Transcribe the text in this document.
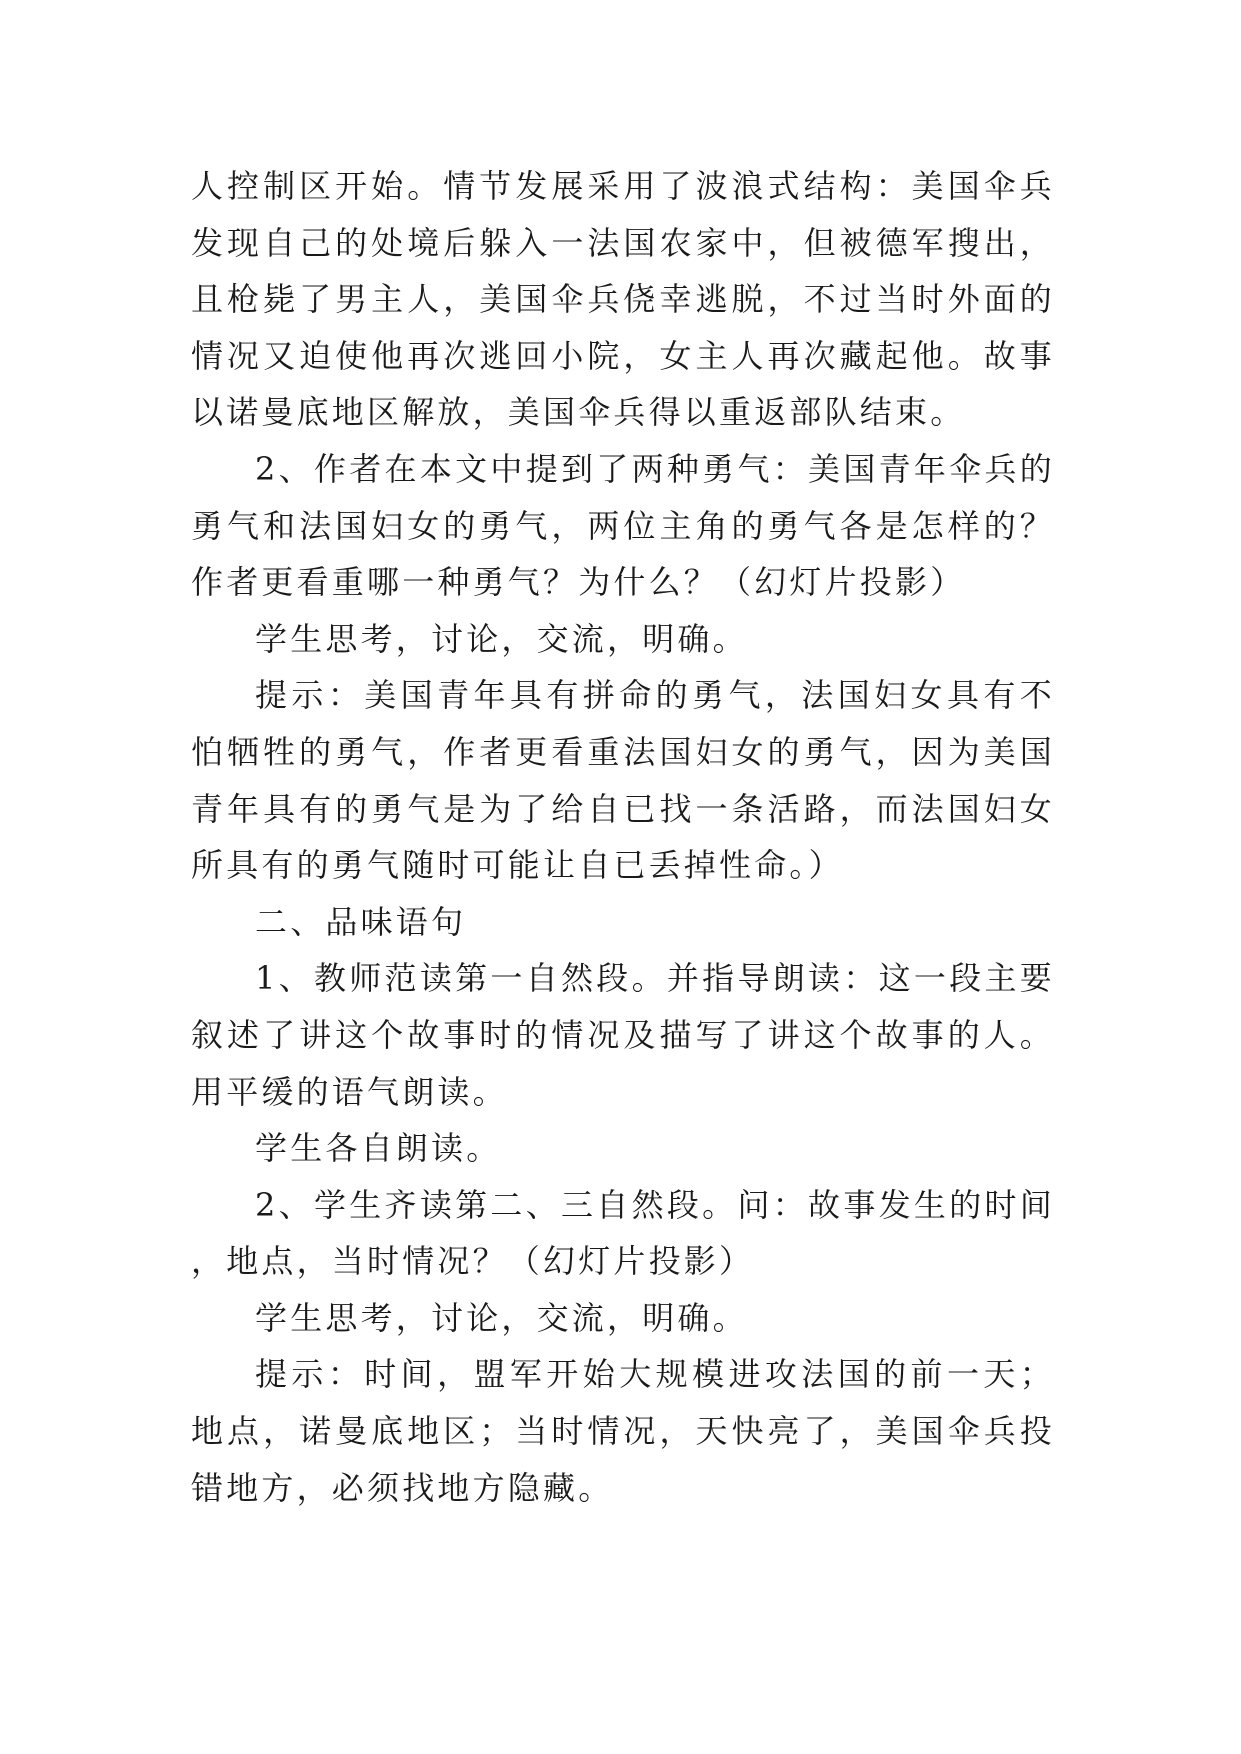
人控制区开始。情节发展采用了波浪式结构：美国伞兵发现自己的处境后躲入一法国农家中，但被德军搜出，且枪毙了男主人，美国伞兵侥幸逃脱，不过当时外面的情况又迫使他再次逃回小院，女主人再次藏起他。故事以诺曼底地区解放，美国伞兵得以重返部队结束。

2、作者在本文中提到了两种勇气：美国青年伞兵的勇气和法国妇女的勇气，两位主角的勇气各是怎样的？作者更看重哪一种勇气？为什么？（幻灯片投影）

学生思考，讨论，交流，明确。

提示：美国青年具有拼命的勇气，法国妇女具有不怕牺牲的勇气，作者更看重法国妇女的勇气，因为美国青年具有的勇气是为了给自已找一条活路，而法国妇女所具有的勇气随时可能让自已丢掉性命。）

二、品味语句

1、教师范读第一自然段。并指导朗读：这一段主要叙述了讲这个故事时的情况及描写了讲这个故事的人。用平缓的语气朗读。

学生各自朗读。

2、学生齐读第二、三自然段。问：故事发生的时间，地点，当时情况？（幻灯片投影）

学生思考，讨论，交流，明确。

提示：时间，盟军开始大规模进攻法国的前一天；地点，诺曼底地区；当时情况，天快亮了，美国伞兵投错地方，必须找地方隐藏。
